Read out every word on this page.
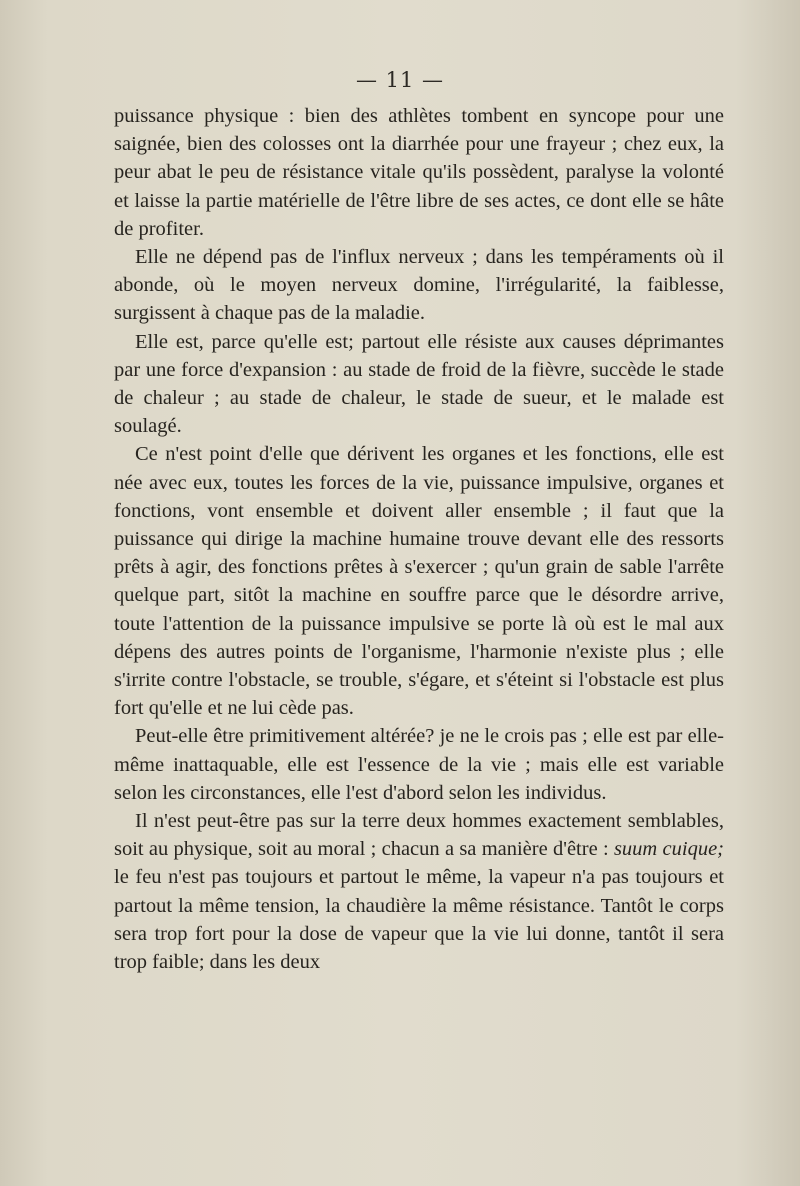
— 11 —

puissance physique : bien des athlètes tombent en syncope pour une saignée, bien des colosses ont la diarrhée pour une frayeur ; chez eux, la peur abat le peu de résistance vitale qu'ils possèdent, paralyse la volonté et laisse la partie matérielle de l'être libre de ses actes, ce dont elle se hâte de profiter.

Elle ne dépend pas de l'influx nerveux ; dans les tempéraments où il abonde, où le moyen nerveux domine, l'irrégularité, la faiblesse, surgissent à chaque pas de la maladie.

Elle est, parce qu'elle est; partout elle résiste aux causes déprimantes par une force d'expansion : au stade de froid de la fièvre, succède le stade de chaleur ; au stade de chaleur, le stade de sueur, et le malade est soulagé.

Ce n'est point d'elle que dérivent les organes et les fonctions, elle est née avec eux, toutes les forces de la vie, puissance impulsive, organes et fonctions, vont ensemble et doivent aller ensemble ; il faut que la puissance qui dirige la machine humaine trouve devant elle des ressorts prêts à agir, des fonctions prêtes à s'exercer ; qu'un grain de sable l'arrête quelque part, sitôt la machine en souffre parce que le désordre arrive, toute l'attention de la puissance impulsive se porte là où est le mal aux dépens des autres points de l'organisme, l'harmonie n'existe plus ; elle s'irrite contre l'obstacle, se trouble, s'égare, et s'éteint si l'obstacle est plus fort qu'elle et ne lui cède pas.

Peut-elle être primitivement altérée? je ne le crois pas ; elle est par elle-même inattaquable, elle est l'essence de la vie ; mais elle est variable selon les circonstances, elle l'est d'abord selon les individus.

Il n'est peut-être pas sur la terre deux hommes exactement semblables, soit au physique, soit au moral ; chacun a sa manière d'être : suum cuique; le feu n'est pas toujours et partout le même, la vapeur n'a pas toujours et partout la même tension, la chaudière la même résistance. Tantôt le corps sera trop fort pour la dose de vapeur que la vie lui donne, tantôt il sera trop faible; dans les deux
